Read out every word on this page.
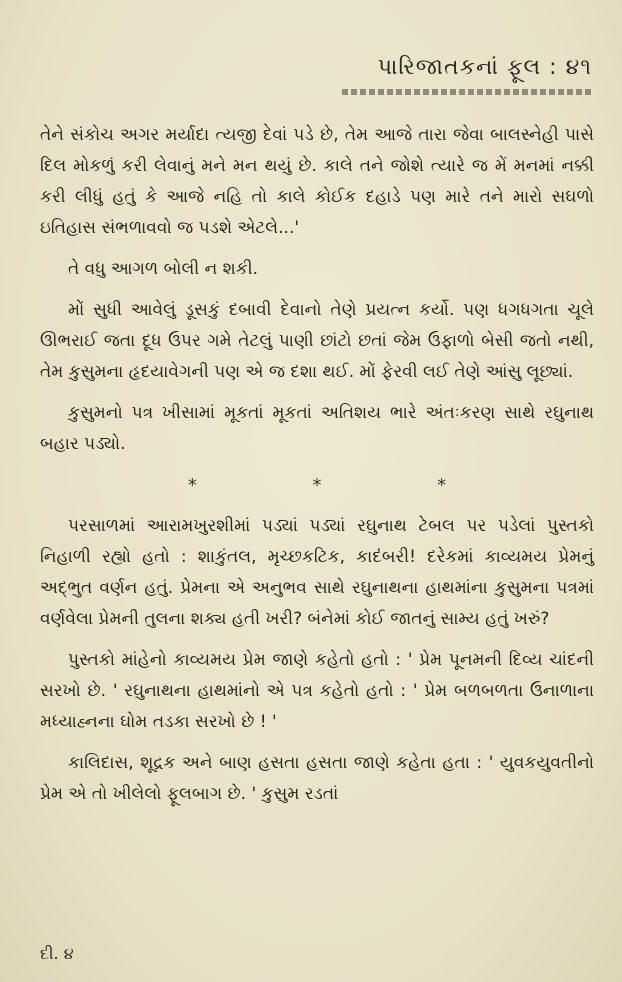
પારિજાતકનાં ફૂલ : ૪૧

તેને સંકોચ અગર મર્યાદા ત્યજી દેવાં પડે છે, તેમ આજે તારા જેવા બાલસ્નેહી પાસે દિલ મોકળું કરી લેવાનું મને મન થયું છે. કાલે તને જોશે ત્યારે જ મેં મનમાં નક્કી કરી લીધું હતું કે આજે નહિ તો કાલે કોઈક દહાડે પણ મારે તને મારો સઘળો ઇતિહાસ સંભળાવવો જ પડશે એટલે...'

તે વધુ આગળ બોલી ન શકી.

મોં સુધી આવેલું ડૂસકું દબાવી દેવાનો તેણે પ્રયત્ન કર્યો. પણ ધગધગતા ચૂલે ઊભરાઈ જતા દૂધ ઉપર ગમે તેટલું પાણી છાંટો છતાં જેમ ઉફાળો બેસી જતો નથી, તેમ કુસુમના હૃદયાવેગની પણ એ જ દશા થઈ. મોં ફેરવી લઈ તેણે આંસુ લૂછ્યાં.

કુસુમનો પત્ર ખીસામાં મૂકતાં મૂકતાં અતિશય ભારે અંતઃકરણ સાથે રઘુનાથ બહાર પડ્યો.

*	*	*

પરસાળમાં આરામખુરશીમાં પડ્યાં પડ્યાં રઘુનાથ ટેબલ પર પડેલાં પુસ્તકો નિહાળી રહ્યો હતો : શાકુંતલ, મૃચ્છકટિક, કાદંબરી! દરેકમાં કાવ્યમય પ્રેમનું અદ્ભુત વર્ણન હતું. પ્રેમના એ અનુભવ સાથે રઘુનાથના હાથમાંના કુસુમના પત્રમાં વર્ણવેલા પ્રેમની તુલના શક્ય હતી ખરી? બંનેમાં કોઈ જાતનું સામ્ય હતું ખરું?

પુસ્તકો માંહેનો કાવ્યમય પ્રેમ જાણે કહેતો હતો : ' પ્રેમ પૂનમની દિવ્ય ચાંદની સરખો છે. ' રઘુનાથના હાથમાંનો એ પત્ર કહેતો હતો : ' પ્રેમ બળબળતા ઉનાળાના મધ્યાહ્નના ઘોમ તડકા સરખો છે ! '

કાલિદાસ, શૂદ્રક અને બાણ હસતા હસતા જાણે કહેતા હતા : ' યુવકયુવતીનો પ્રેમ એ તો ખીલેલો ફૂલબાગ છે. ' કુસુમ રડતાં

દી. ૪
